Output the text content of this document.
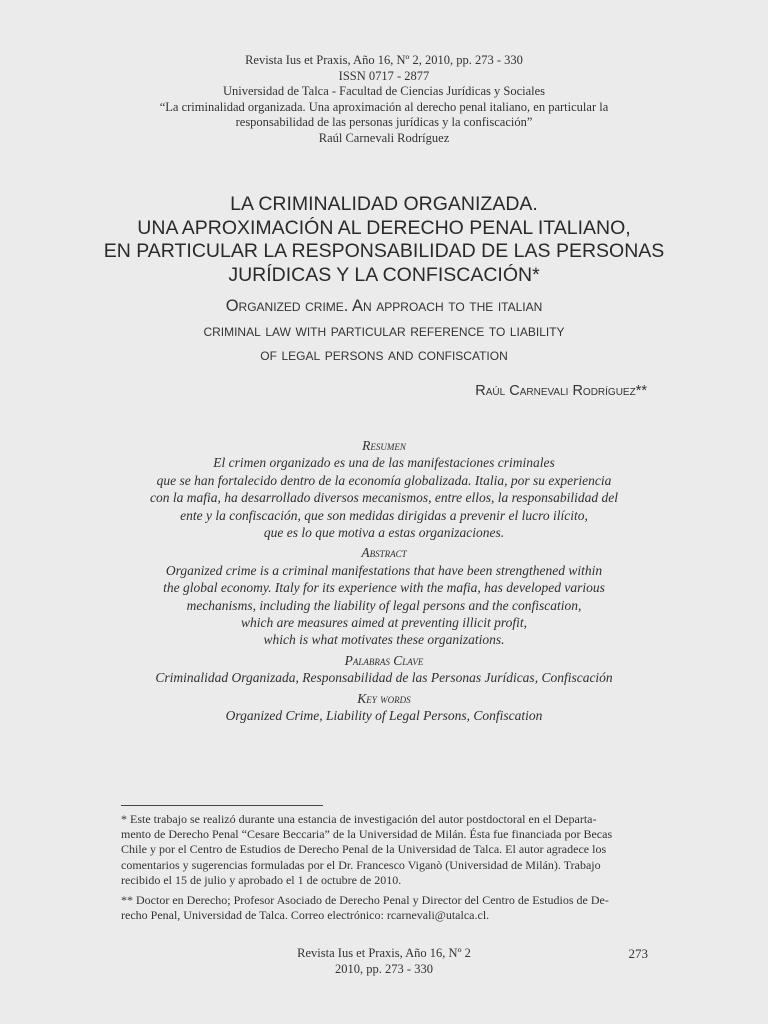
Revista Ius et Praxis, Año 16, Nº 2, 2010, pp. 273 - 330
ISSN 0717 - 2877
Universidad de Talca - Facultad de Ciencias Jurídicas y Sociales
“La criminalidad organizada. Una aproximación al derecho penal italiano, en particular la
responsabilidad de las personas jurídicas y la confiscación”
Raúl Carnevali Rodríguez
LA CRIMINALIDAD ORGANIZADA.
UNA APROXIMACIÓN AL DERECHO PENAL ITALIANO,
EN PARTICULAR LA RESPONSABILIDAD DE LAS PERSONAS
JURÍDICAS Y LA CONFISCACIÓN*
Organized crime. An approach to the italian
criminal law with particular reference to liability
of legal persons and confiscation
Raúl Carnevali Rodríguez**
Resumen
El crimen organizado es una de las manifestaciones criminales
que se han fortalecido dentro de la economía globalizada. Italia, por su experiencia
con la mafia, ha desarrollado diversos mecanismos, entre ellos, la responsabilidad del
ente y la confiscación, que son medidas dirigidas a prevenir el lucro ilícito,
que es lo que motiva a estas organizaciones.
Abstract
Organized crime is a criminal manifestations that have been strengthened within
the global economy. Italy for its experience with the mafia, has developed various
mechanisms, including the liability of legal persons and the confiscation,
which are measures aimed at preventing illicit profit,
which is what motivates these organizations.
Palabras Clave
Criminalidad Organizada, Responsabilidad de las Personas Jurídicas, Confiscación
Key words
Organized Crime, Liability of Legal Persons, Confiscation
* Este trabajo se realizó durante una estancia de investigación del autor postdoctoral en el Departa-
mento de Derecho Penal “Cesare Beccaria” de la Universidad de Milán. Ésta fue financiada por Becas
Chile y por el Centro de Estudios de Derecho Penal de la Universidad de Talca. El autor agradece los
comentarios y sugerencias formuladas por el Dr. Francesco Viganò (Universidad de Milán). Trabajo
recibido el 15 de julio y aprobado el 1 de octubre de 2010.
** Doctor en Derecho; Profesor Asociado de Derecho Penal y Director del Centro de Estudios de De-
recho Penal, Universidad de Talca. Correo electrónico: rcarnevali@utalca.cl.
Revista Ius et Praxis, Año 16, Nº 2
2010, pp. 273 - 330
273
